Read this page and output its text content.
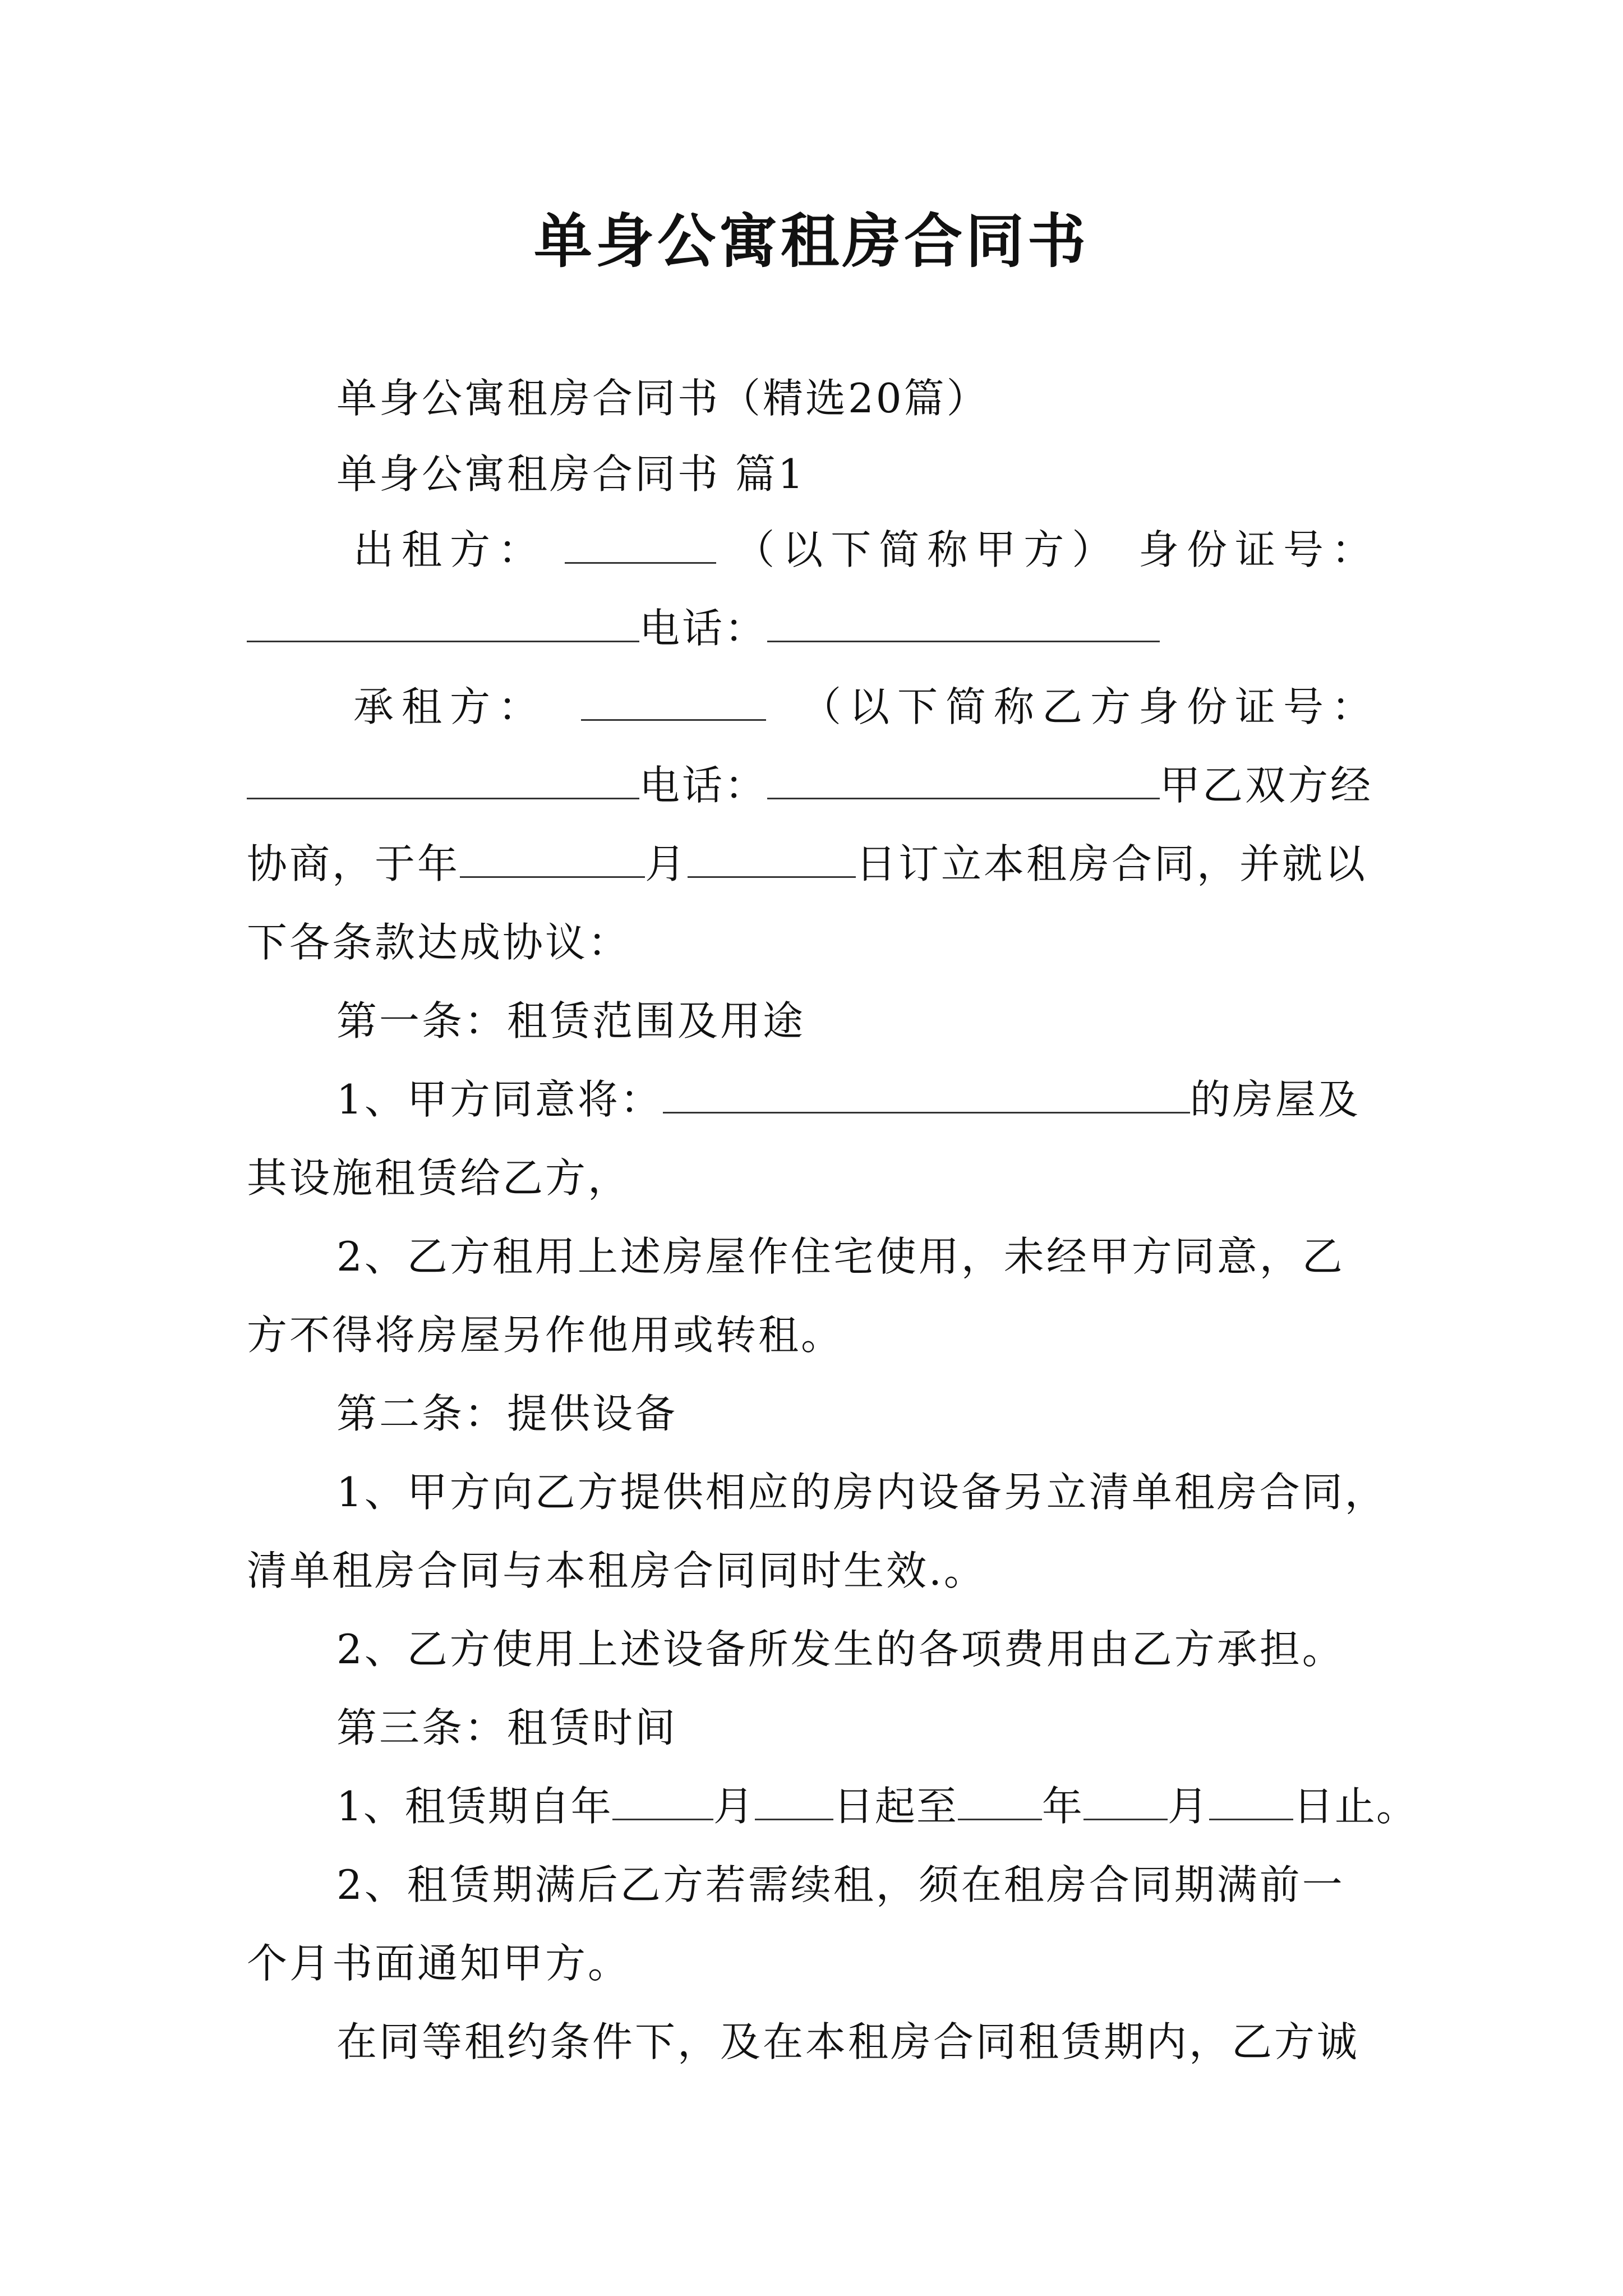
单身公寓租房合同书
单身公寓租房合同书（精选20篇）
单身公寓租房合同书 篇1
出租方：	（以下简称甲方） 身份证号：
电话：
承租方：	（以下简称乙方身份证号：
电话：	甲乙双方经
协商，于年	月	日订立本租房合同，并就以
下各条款达成协议：
第一条：租赁范围及用途
1、甲方同意将：	的房屋及
其设施租赁给乙方，
2、乙方租用上述房屋作住宅使用，未经甲方同意，乙
方不得将房屋另作他用或转租。
第二条：提供设备
1、甲方向乙方提供相应的房内设备另立清单租房合同，
清单租房合同与本租房合同同时生效.。
2、乙方使用上述设备所发生的各项费用由乙方承担。
第三条：租赁时间
1、租赁期自年	月 日起至 年 月 日止。
2、租赁期满后乙方若需续租，须在租房合同期满前一
个月书面通知甲方。
在同等租约条件下，及在本租房合同租赁期内，乙方诚
